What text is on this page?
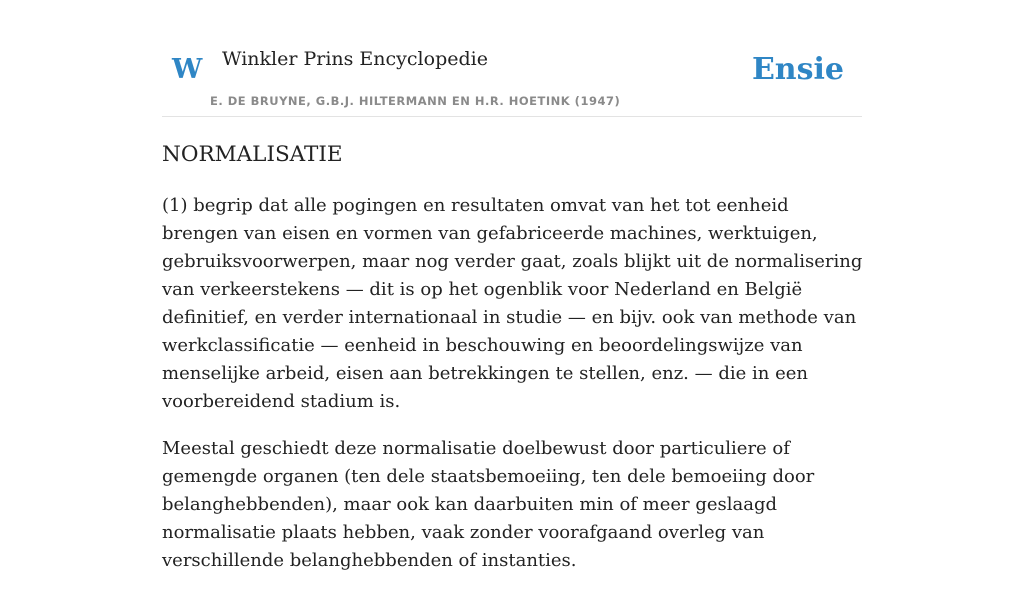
W Winkler Prins Encyclopedie
E. DE BRUYNE, G.B.J. HILTERMANN EN H.R. HOETINK (1947)
Ensie
NORMALISATIE

(1) begrip dat alle pogingen en resultaten omvat van het tot eenheid brengen van eisen en vormen van gefabriceerde machines, werktuigen, gebruiksvoorwerpen, maar nog verder gaat, zoals blijkt uit de normalisering van verkeerstekens — dit is op het ogenblik voor Nederland en België definitief, en verder internationaal in studie — en bijv. ook van methode van werkclassificatie — eenheid in beschouwing en beoordelingswijze van menselijke arbeid, eisen aan betrekkingen te stellen, enz. — die in een voorbereidend stadium is.

Meestal geschiedt deze normalisatie doelbewust door particuliere of gemengde organen (ten dele staatsbemoeiing, ten dele bemoeiing door belanghebbenden), maar ook kan daarbuiten min of meer geslaagd normalisatie plaats hebben, vaak zonder voorafgaand overleg van verschillende belanghebbenden of instanties.
